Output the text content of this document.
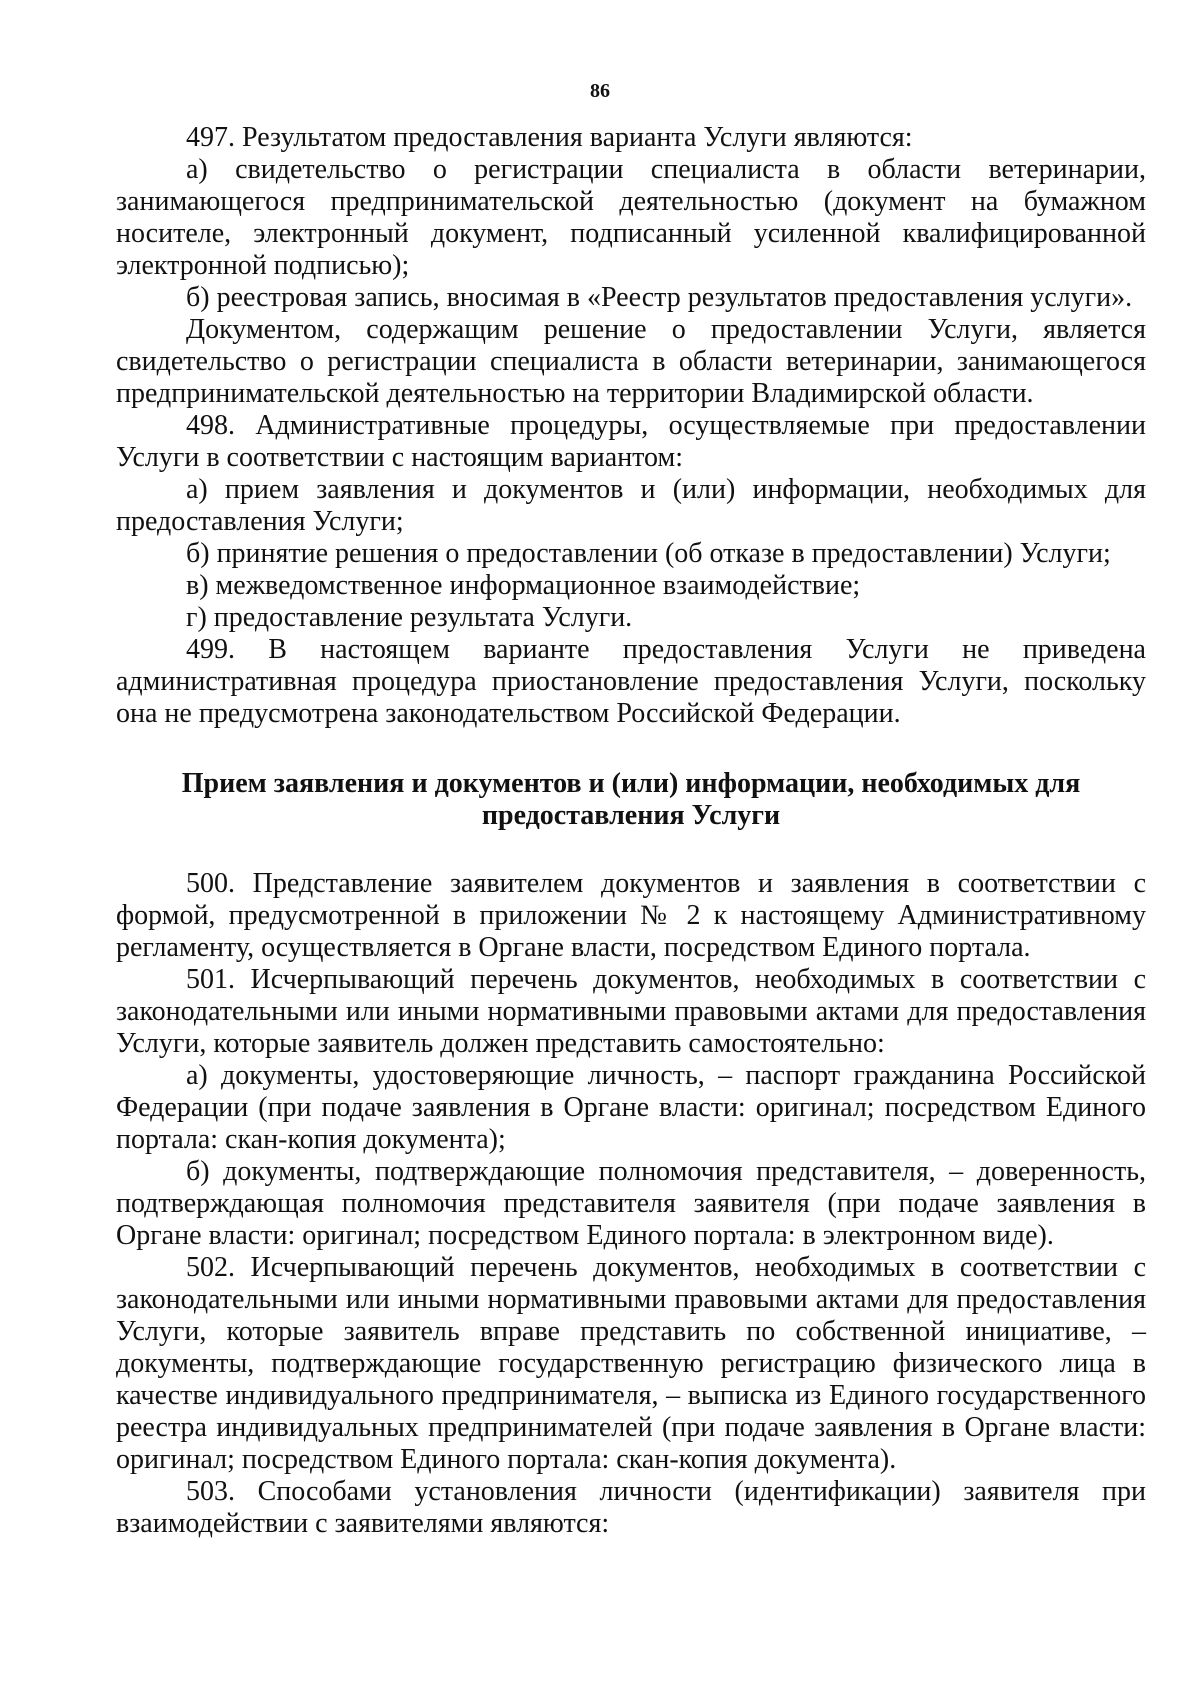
86

497. Результатом предоставления варианта Услуги являются:

а) свидетельство о регистрации специалиста в области ветеринарии, занимающегося предпринимательской деятельностью (документ на бумажном носителе, электронный документ, подписанный усиленной квалифицированной электронной подписью);

б) реестровая запись, вносимая в «Реестр результатов предоставления услуги».

Документом, содержащим решение о предоставлении Услуги, является свидетельство о регистрации специалиста в области ветеринарии, занимающегося предпринимательской деятельностью на территории Владимирской области.

498. Административные процедуры, осуществляемые при предоставлении Услуги в соответствии с настоящим вариантом:

а) прием заявления и документов и (или) информации, необходимых для предоставления Услуги;

б) принятие решения о предоставлении (об отказе в предоставлении) Услуги;

в) межведомственное информационное взаимодействие;

г) предоставление результата Услуги.

499. В настоящем варианте предоставления Услуги не приведена административная процедура приостановление предоставления Услуги, поскольку она не предусмотрена законодательством Российской Федерации.

Прием заявления и документов и (или) информации, необходимых для предоставления Услуги

500. Представление заявителем документов и заявления в соответствии с формой, предусмотренной в приложении № 2 к настоящему Административному регламенту, осуществляется в Органе власти, посредством Единого портала.

501. Исчерпывающий перечень документов, необходимых в соответствии с законодательными или иными нормативными правовыми актами для предоставления Услуги, которые заявитель должен представить самостоятельно:

а) документы, удостоверяющие личность, – паспорт гражданина Российской Федерации (при подаче заявления в Органе власти: оригинал; посредством Единого портала: скан-копия документа);

б) документы, подтверждающие полномочия представителя, – доверенность, подтверждающая полномочия представителя заявителя (при подаче заявления в Органе власти: оригинал; посредством Единого портала: в электронном виде).

502. Исчерпывающий перечень документов, необходимых в соответствии с законодательными или иными нормативными правовыми актами для предоставления Услуги, которые заявитель вправе представить по собственной инициативе, – документы, подтверждающие государственную регистрацию физического лица в качестве индивидуального предпринимателя, – выписка из Единого государственного реестра индивидуальных предпринимателей (при подаче заявления в Органе власти: оригинал; посредством Единого портала: скан-копия документа).

503. Способами установления личности (идентификации) заявителя при взаимодействии с заявителями являются:
